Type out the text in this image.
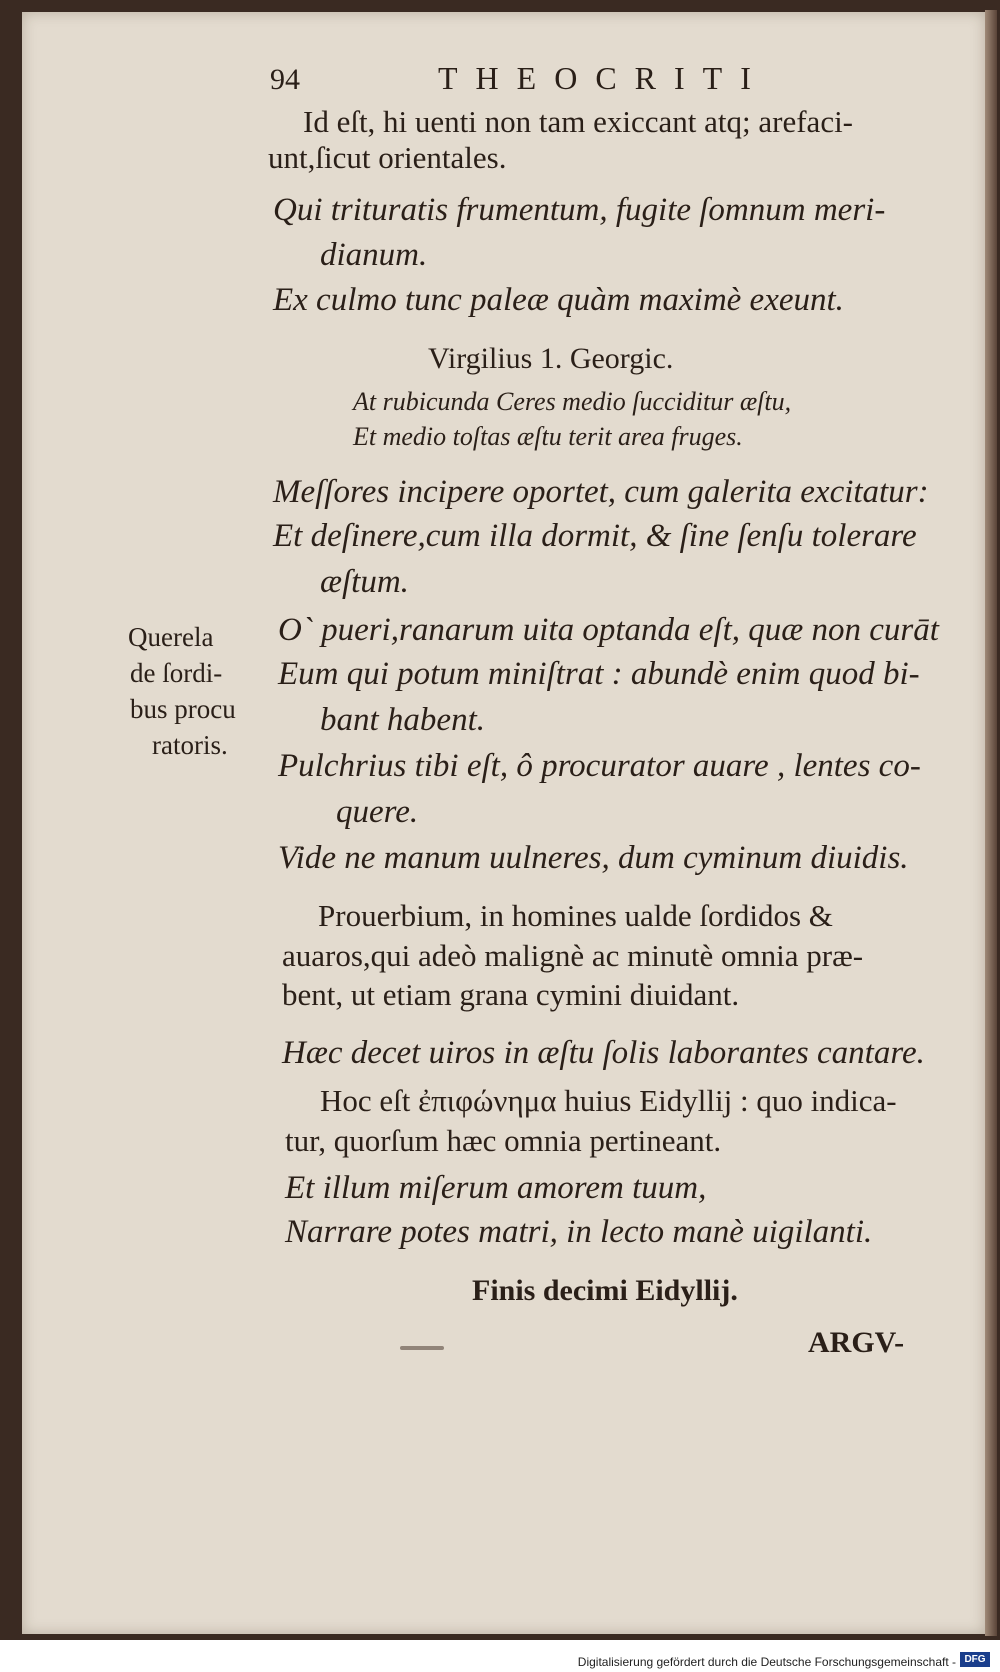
94	THEOCRITI
Id eſt, hi uenti non tam exiccant atq; arefaci-
unt,ſicut orientales.
Qui trituratis frumentum, fugite ſomnum meri-
dianum.
Ex culmo tunc paleæ quàm maximè exeunt.
Virgilius 1. Georgic.
At rubicunda Ceres medio ſucciditur æſtu,
Et medio toſtas æſtu terit area fruges.
Meſſores incipere oportet, cum galerita excitatur:
Et deſinere,cum illa dormit, & ſine ſenſu tolerare
æſtum.
O` pueri,ranarum uita optanda eſt, quæ non curāt
Eum qui potum miniſtrat : abundè enim quod bi-
bant habent.
Pulchrius tibi eſt, ô procurator auare , lentes co-
quere.
Vide ne manum uulneres, dum cyminum diuidis.
Prouerbium, in homines ualde ſordidos &
auaros,qui adeò malignè ac minutè omnia præ-
bent, ut etiam grana cymini diuidant.
Hæc decet uiros in æſtu ſolis laborantes cantare.
Hoc eſt ἐπιφώνημα huius Eidyllij : quo indica-
tur, quorſum hæc omnia pertineant.
Et illum miſerum amorem tuum,
Narrare potes matri, in lecto manè uigilanti.
Finis decimi Eidyllij.
ARGV-
Querela
de ſordi-
bus procu
ratoris.
Digitalisierung gefördert durch die Deutsche Forschungsgemeinschaft - DFG
